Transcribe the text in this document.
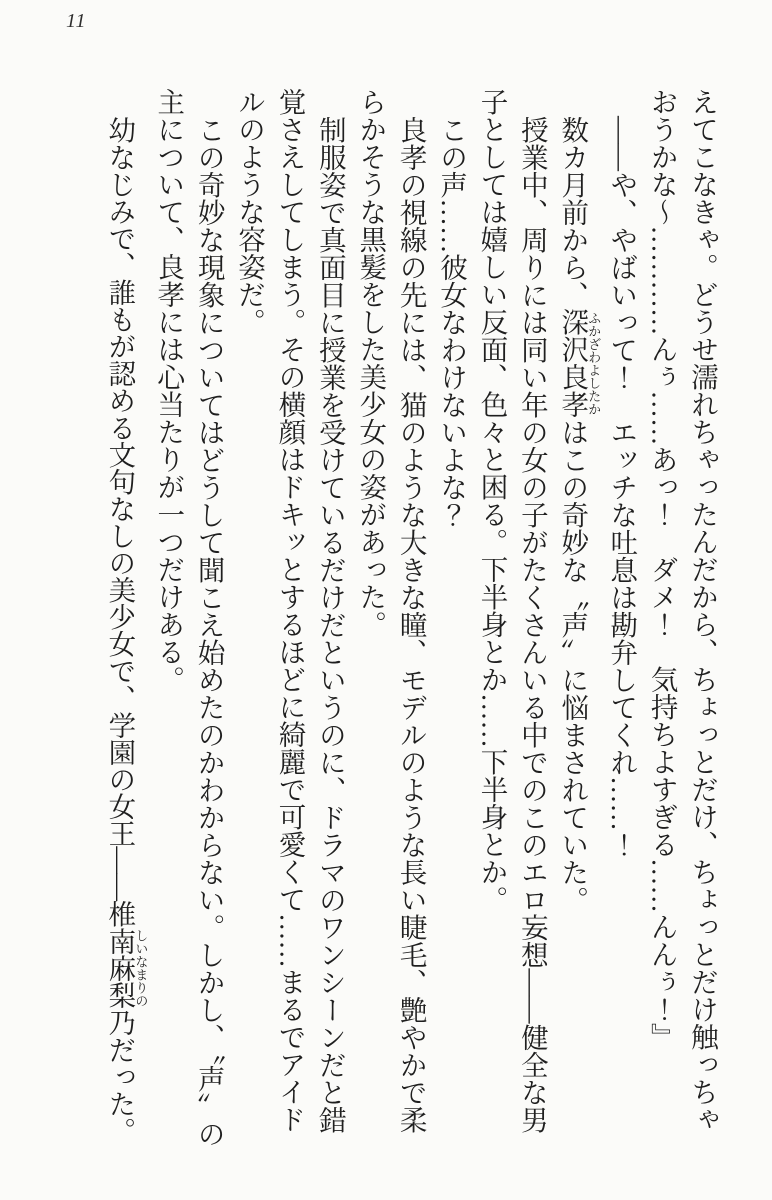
11

えてこなきゃ。どうせ濡れちゃったんだから、ちょっとだけ、ちょっとだけ触っちゃおうかな〜…………んぅ……あっ！　ダメ！　気持ちよすぎる……んんぅ！』

――や、やばいって！　エッチな吐息は勘弁してくれ……！

数カ月前から、深沢良孝ふかざわよしたかはこの奇妙な〝声〟に悩まされていた。

授業中、周りには同い年の女の子がたくさんいる中でのこのエロ妄想――健全な男子としては嬉しい反面、色々と困る。下半身とか……下半身とか。

この声……彼女なわけないよな？

良孝の視線の先には、猫のような大きな瞳、モデルのような長い睫毛、艶やかで柔らかそうな黒髪をした美少女の姿があった。

制服姿で真面目に授業を受けているだけだというのに、ドラマのワンシーンだと錯覚さえしてしまう。その横顔はドキッとするほどに綺麗で可愛くて……まるでアイドルのような容姿だ。

この奇妙な現象についてはどうして聞こえ始めたのかわからない。しかし、〝声〟の主について、良孝には心当たりが一つだけある。

幼なじみで、誰もが認める文句なしの美少女で、学園の女王――椎南麻梨乃しいなまりのだった。
